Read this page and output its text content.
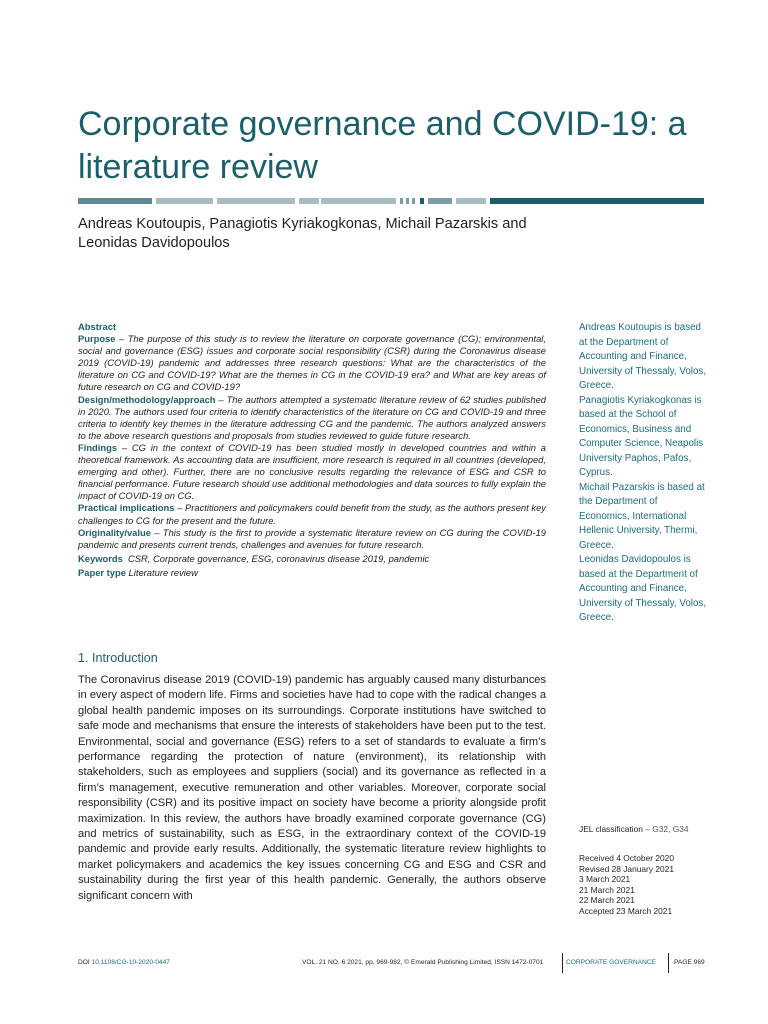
Corporate governance and COVID-19: a literature review
Andreas Koutoupis, Panagiotis Kyriakogkonas, Michail Pazarskis and Leonidas Davidopoulos

Abstract

Purpose – The purpose of this study is to review the literature on corporate governance (CG); environmental, social and governance (ESG) issues and corporate social responsibility (CSR) during the Coronavirus disease 2019 (COVID-19) pandemic and addresses three research questions: What are the characteristics of the literature on CG and COVID-19? What are the themes in CG in the COVID-19 era? and What are key areas of future research on CG and COVID-19?

Design/methodology/approach – The authors attempted a systematic literature review of 62 studies published in 2020. The authors used four criteria to identify characteristics of the literature on CG and COVID-19 and three criteria to identify key themes in the literature addressing CG and the pandemic. The authors analyzed answers to the above research questions and proposals from studies reviewed to guide future research.

Findings – CG in the context of COVID-19 has been studied mostly in developed countries and within a theoretical framework. As accounting data are insufficient, more research is required in all countries (developed, emerging and other). Further, there are no conclusive results regarding the relevance of ESG and CSR to financial performance. Future research should use additional methodologies and data sources to fully explain the impact of COVID-19 on CG.

Practical implications – Practitioners and policymakers could benefit from the study, as the authors present key challenges to CG for the present and the future.

Originality/value – This study is the first to provide a systematic literature review on CG during the COVID-19 pandemic and presents current trends, challenges and avenues for future research.

Keywords CSR, Corporate governance, ESG, coronavirus disease 2019, pandemic

Paper type Literature review

Andreas Koutoupis is based at the Department of Accounting and Finance, University of Thessaly, Volos, Greece.

Panagiotis Kyriakogkonas is based at the School of Economics, Business and Computer Science, Neapolis University Paphos, Pafos, Cyprus.

Michail Pazarskis is based at the Department of Economics, International Hellenic University, Thermi, Greece.

Leonidas Davidopoulos is based at the Department of Accounting and Finance, University of Thessaly, Volos, Greece.

1. Introduction

The Coronavirus disease 2019 (COVID-19) pandemic has arguably caused many disturbances in every aspect of modern life. Firms and societies have had to cope with the radical changes a global health pandemic imposes on its surroundings. Corporate institutions have switched to safe mode and mechanisms that ensure the interests of stakeholders have been put to the test. Environmental, social and governance (ESG) refers to a set of standards to evaluate a firm’s performance regarding the protection of nature (environment), its relationship with stakeholders, such as employees and suppliers (social) and its governance as reflected in a firm’s management, executive remuneration and other variables. Moreover, corporate social responsibility (CSR) and its positive impact on society have become a priority alongside profit maximization. In this review, the authors have broadly examined corporate governance (CG) and metrics of sustainability, such as ESG, in the extraordinary context of the COVID-19 pandemic and provide early results. Additionally, the systematic literature review highlights to market policymakers and academics the key issues concerning CG and ESG and CSR and sustainability during the first year of this health pandemic. Generally, the authors observe significant concern with

JEL classification – G32, G34
Received 4 October 2020
Revised 28 January 2021
3 March 2021
21 March 2021
22 March 2021
Accepted 23 March 2021
DOI 10.1108/CG-10-2020-0447	VOL. 21 NO. 6 2021, pp. 969-982, © Emerald Publishing Limited, ISSN 1472-0701	CORPORATE GOVERNANCE	PAGE 969
